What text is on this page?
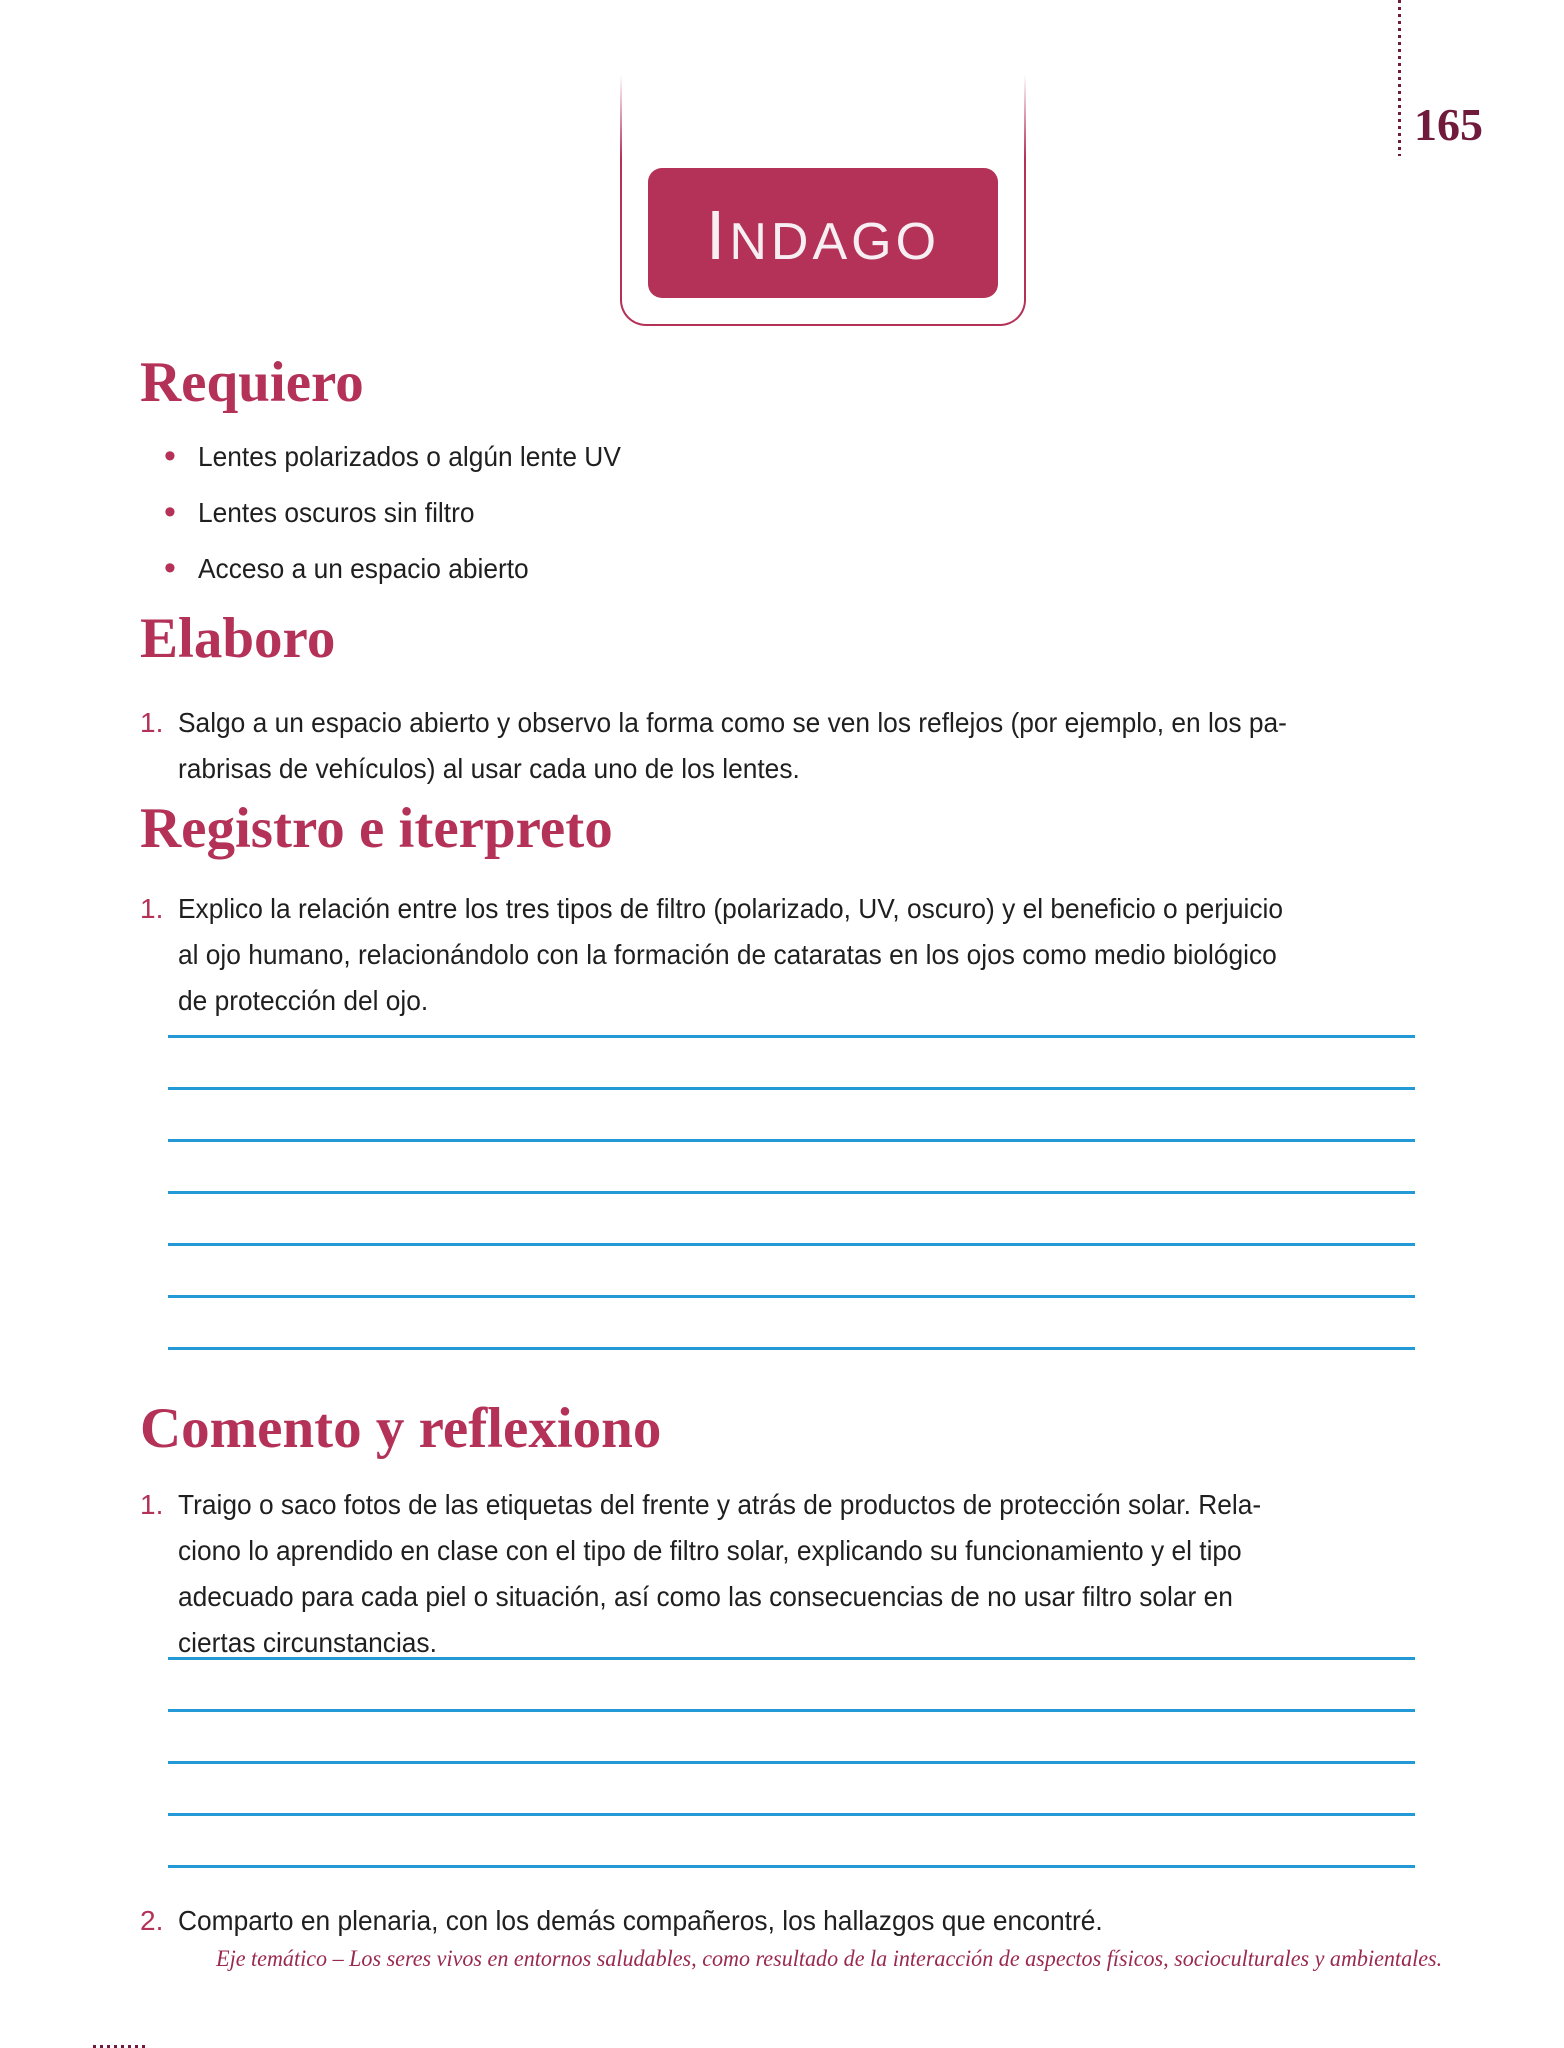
165
I NDAGO
Requiero
• Lentes polarizados o algún lente UV
• Lentes oscuros sin filtro
• Acceso a un espacio abierto
Elaboro
1. Salgo a un espacio abierto y observo la forma como se ven los reflejos (por ejemplo, en los pa-
rabrisas de vehículos) al usar cada uno de los lentes.
Registro e iterpreto
1. Explico la relación entre los tres tipos de filtro (polarizado, UV, oscuro) y el beneficio o perjuicio
al ojo humano, relacionándolo con la formación de cataratas en los ojos como medio biológico
de protección del ojo.
Comento y reflexiono
1. Traigo o saco fotos de las etiquetas del frente y atrás de productos de protección solar. Rela-
ciono lo aprendido en clase con el tipo de filtro solar, explicando su funcionamiento y el tipo
adecuado para cada piel o situación, así como las consecuencias de no usar filtro solar en
ciertas circunstancias.
2. Comparto en plenaria, con los demás compañeros, los hallazgos que encontré.
Eje temático – Los seres vivos en entornos saludables, como resultado de la interacción de aspectos físicos, socioculturales y ambientales.
